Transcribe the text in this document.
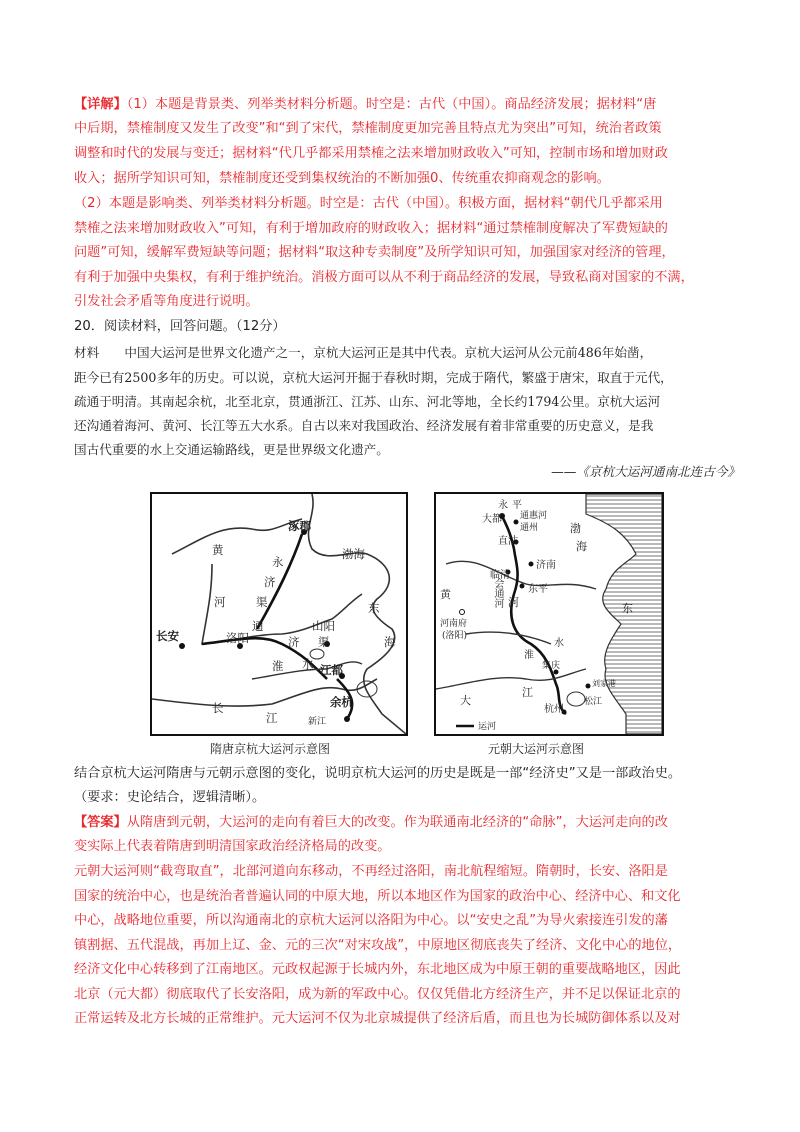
【详解】（1）本题是背景类、列举类材料分析题。时空是：古代（中国）。商品经济发展；据材料“唐
中后期，禁榷制度又发生了改变”和“到了宋代，禁榷制度更加完善且特点尤为突出”可知，统治者政策
调整和时代的发展与变迁；据材料“代几乎都采用禁榷之法来增加财政收入”可知，控制市场和增加财政
收入；据所学知识可知，禁榷制度还受到集权统治的不断加强0、传统重农抑商观念的影响。
（2）本题是影响类、列举类材料分析题。时空是：古代（中国）。积极方面，据材料“朝代几乎都采用
禁榷之法来增加财政收入”可知，有利于增加政府的财政收入；据材料“通过禁榷制度解决了军费短缺的
问题”可知，缓解军费短缺等问题；据材料“取这种专卖制度”及所学知识可知，加强国家对经济的管理，
有利于加强中央集权，有利于维护统治。消极方面可以从不利于商品经济的发展，导致私商对国家的不满，
引发社会矛盾等角度进行说明。
20．阅读材料，回答问题。（12分）
材料　　中国大运河是世界文化遗产之一，京杭大运河正是其中代表。京杭大运河从公元前486年始凿，
距今已有2500多年的历史。可以说，京杭大运河开掘于春秋时期，完成于隋代，繁盛于唐宋，取直于元代，
疏通于明清。其南起余杭，北至北京，贯通浙江、江苏、山东、河北等地，全长约1794公里。京杭大运河
还沟通着海河、黄河、长江等五大水系。自古以来对我国政治、经济发展有着非常重要的历史意义，是我
国古代重要的水上交通运输路线，更是世界级文化遗产。
——《京杭大运河通南北连古今》
涿郡
黄
永
济
渠
河
长安	洛阳
通
济 渠
山阳
淮 水 江都
长
江
余杭
渤海
东
海
新江
隋唐京杭大运河示意图
永 平
大都 通惠河
通州
直沽
渤
海
济南
临清
会通河	东平
黄
河
河南府
(洛阳)
东
水
淮
集庆
大
江
杭州
松江
刘家港
运河
元朝大运河示意图
结合京杭大运河隋唐与元朝示意图的变化，说明京杭大运河的历史是既是一部“经济史”又是一部政治史。
（要求：史论结合，逻辑清晰）。
【答案】从隋唐到元朝，大运河的走向有着巨大的改变。作为联通南北经济的“命脉”，大运河走向的改
变实际上代表着隋唐到明清国家政治经济格局的改变。
元朝大运河则“截弯取直”，北部河道向东移动，不再经过洛阳，南北航程缩短。隋朝时，长安、洛阳是
国家的统治中心，也是统治者普遍认同的中原大地，所以本地区作为国家的政治中心、经济中心、和文化
中心，战略地位重要，所以沟通南北的京杭大运河以洛阳为中心。以“安史之乱”为导火索接连引发的藩
镇割据、五代混战，再加上辽、金、元的三次“对宋攻战”，中原地区彻底丧失了经济、文化中心的地位，
经济文化中心转移到了江南地区。元政权起源于长城内外，东北地区成为中原王朝的重要战略地区，因此
北京（元大都）彻底取代了长安洛阳，成为新的军政中心。仅仅凭借北方经济生产，并不足以保证北京的
正常运转及北方长城的正常维护。元大运河不仅为北京城提供了经济后盾，而且也为长城防御体系以及对
